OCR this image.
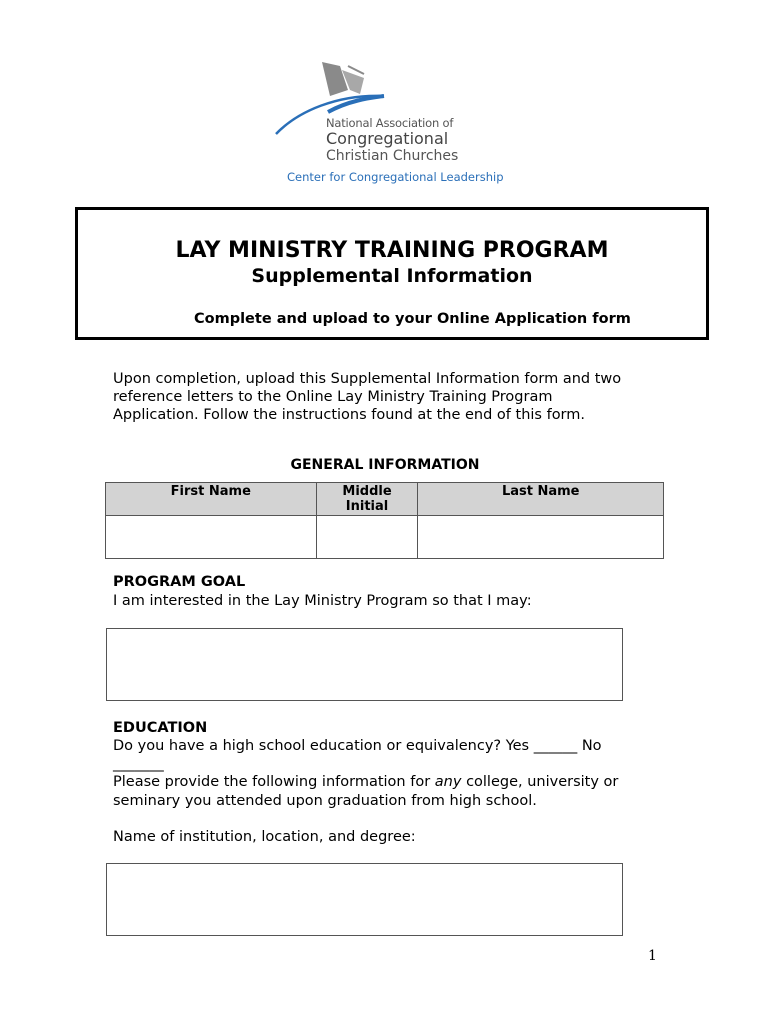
National Association of
Congregational
Christian Churches
Center for Congregational Leadership
LAY MINISTRY TRAINING PROGRAM
Supplemental Information
Complete and upload to your Online Application form
Upon completion, upload this Supplemental Information form and two
reference letters to the Online Lay Ministry Training Program
Application. Follow the instructions found at the end of this form.
GENERAL INFORMATION
First Name	Middle Initial	Last Name

PROGRAM GOAL
I am interested in the Lay Ministry Program so that I may:
EDUCATION
Do you have a high school education or equivalency? Yes ______ No
_______
Please provide the following information for any college, university or
seminary you attended upon graduation from high school.
Name of institution, location, and degree:
1
